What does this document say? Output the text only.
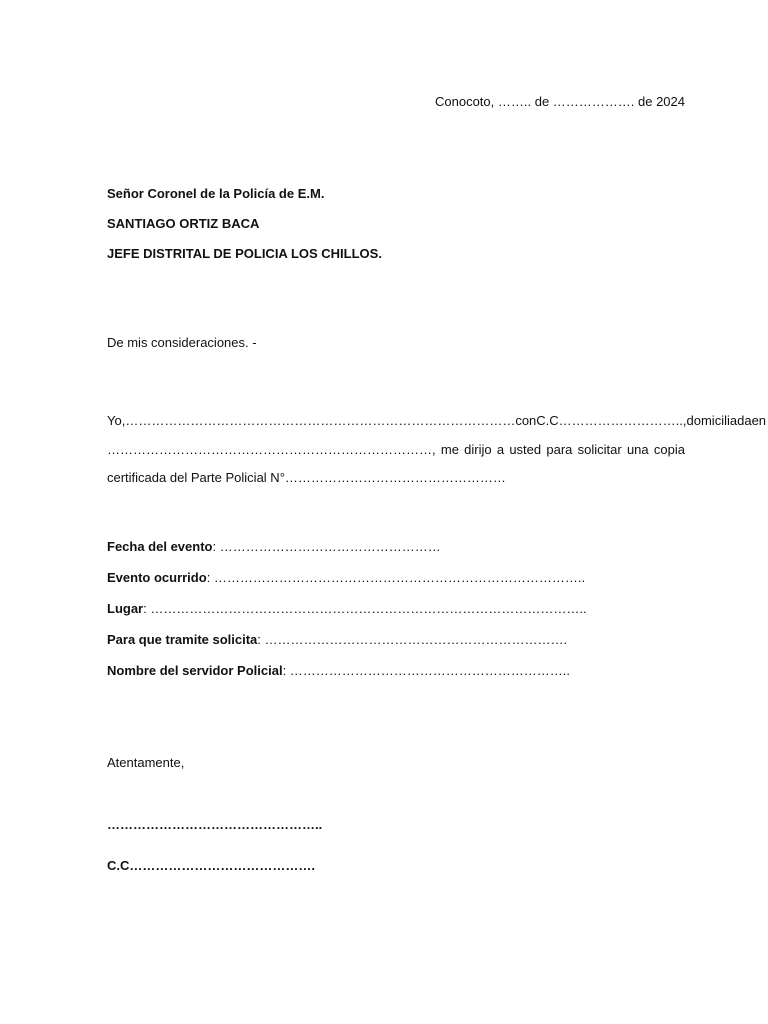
Conocoto, …….. de ………………. de 2024
Señor Coronel de la Policía de E.M.
SANTIAGO ORTIZ BACA
JEFE DISTRITAL DE POLICIA LOS CHILLOS.
De mis consideraciones. -
Yo,………………………………………………………………………………con C.C………………………..,domiciliada en
…………………………………………………………………, me dirijo a usted para solicitar una copia
certificada del Parte Policial N°……………………………………………
Fecha del evento: ……………………………………………
Evento ocurrido: …………………………………………………………………………..
Lugar: ………………………………………………………………………………………..
Para que tramite solicita: …………………………………………………………….
Nombre del servidor Policial: ………………………………………………………..
Atentamente,
…………………………………………..
C.C…………………………………….
